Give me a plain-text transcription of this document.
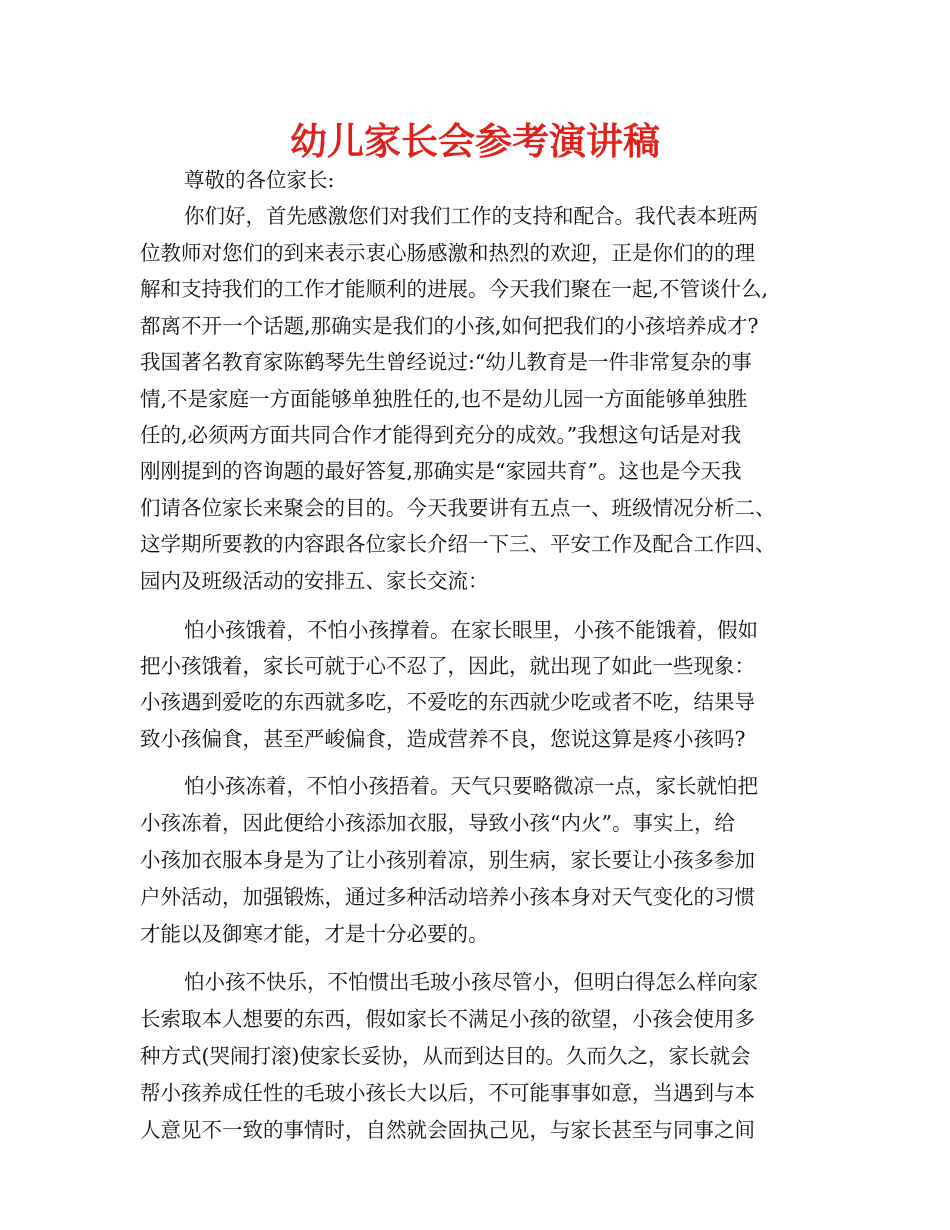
幼儿家长会参考演讲稿
尊敬的各位家长:
你们好，首先感激您们对我们工作的支持和配合。我代表本班两
位教师对您们的到来表示衷心肠感激和热烈的欢迎，正是你们的的理
解和支持我们的工作才能顺利的进展。今天我们聚在一起,不管谈什么,
都离不开一个话题,那确实是我们的小孩,如何把我们的小孩培养成才?
我国著名教育家陈鹤琴先生曾经说过:“幼儿教育是一件非常复杂的事
情,不是家庭一方面能够单独胜任的,也不是幼儿园一方面能够单独胜
任的,必须两方面共同合作才能得到充分的成效。”我想这句话是对我
刚刚提到的咨询题的最好答复,那确实是“家园共育”。这也是今天我
们请各位家长来聚会的目的。今天我要讲有五点一、班级情况分析二、
这学期所要教的内容跟各位家长介绍一下三、平安工作及配合工作四、
园内及班级活动的安排五、家长交流：
怕小孩饿着，不怕小孩撑着。在家长眼里，小孩不能饿着，假如
把小孩饿着，家长可就于心不忍了，因此，就出现了如此一些现象：
小孩遇到爱吃的东西就多吃，不爱吃的东西就少吃或者不吃，结果导
致小孩偏食，甚至严峻偏食，造成营养不良，您说这算是疼小孩吗?
怕小孩冻着，不怕小孩捂着。天气只要略微凉一点，家长就怕把
小孩冻着，因此便给小孩添加衣服，导致小孩“内火”。事实上，给
小孩加衣服本身是为了让小孩别着凉，别生病，家长要让小孩多参加
户外活动，加强锻炼，通过多种活动培养小孩本身对天气变化的习惯
才能以及御寒才能，才是十分必要的。
怕小孩不快乐，不怕惯出毛玻小孩尽管小，但明白得怎么样向家
长索取本人想要的东西，假如家长不满足小孩的欲望，小孩会使用多
种方式(哭闹打滚)使家长妥协，从而到达目的。久而久之，家长就会
帮小孩养成任性的毛玻小孩长大以后，不可能事事如意，当遇到与本
人意见不一致的事情时，自然就会固执己见，与家长甚至与同事之间
